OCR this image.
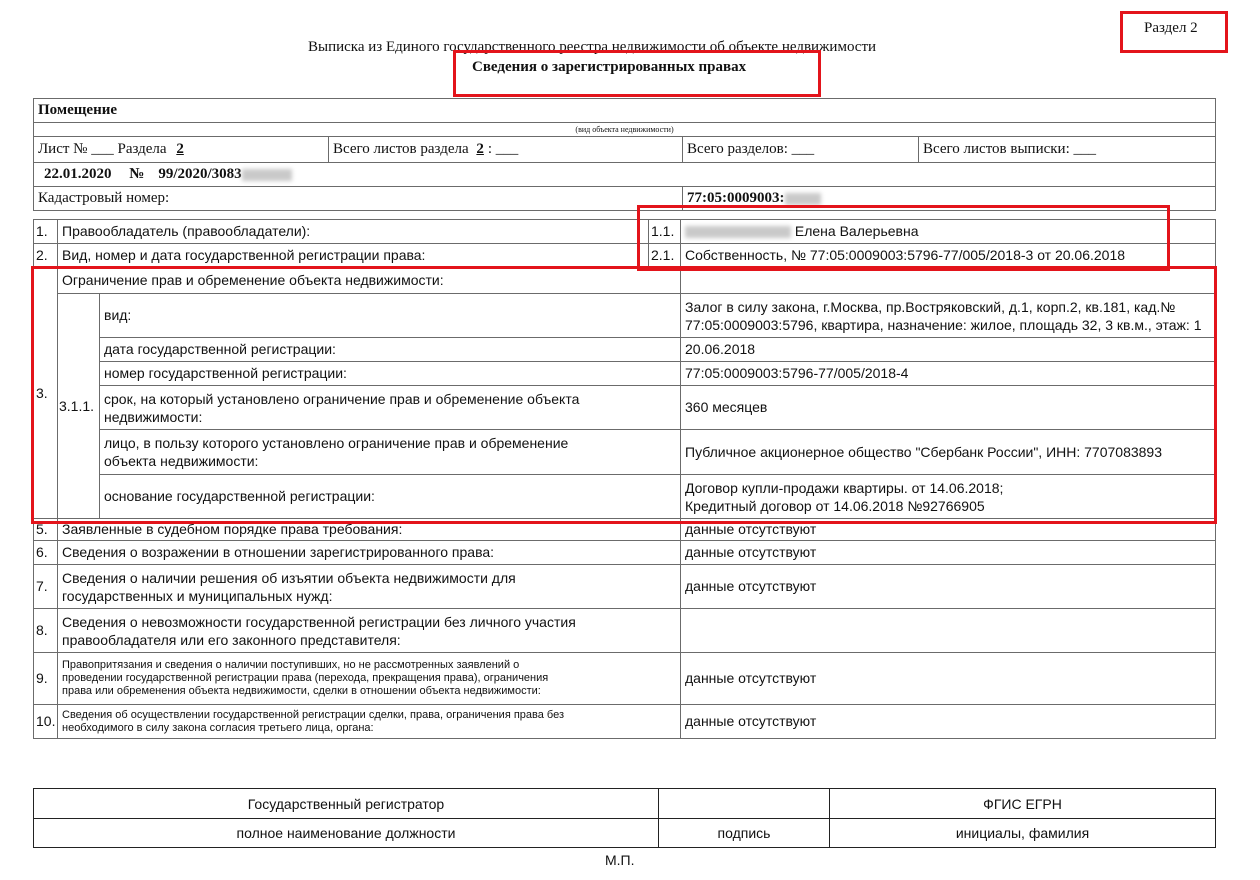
Раздел 2
Выписка из Единого государственного реестра недвижимости об объекте недвижимости
Сведения о зарегистрированных правах
Помещение			
(вид объекта недвижимости)			
Лист № ___ Раздела 2	Всего листов раздела 2 : ___	Всего разделов: ___	Всего листов выписки: ___
22.01.2020 № 99/2020/3083			
Кадастровый номер:		77:05:0009003:	
1.	Правообладатель (правообладатели):		1.1.	Елена Валерьевна
2.	Вид, номер и дата государственной регистрации права:		2.1.	Собственность, № 77:05:0009003:5796-77/005/2018-3 от 20.06.2018
3.	Ограничение прав и обременение объекта недвижимости:			
	3.1.1.	вид:		Залог в силу закона, г.Москва, пр.Востряковский, д.1, корп.2, кв.181, кад.№
77:05:0009003:5796, квартира, назначение: жилое, площадь 32, 3 кв.м., этаж: 1

		дата государственной регистрации:		20.06.2018
		номер государственной регистрации:		77:05:0009003:5796-77/005/2018-4

		срок, на который установлено ограничение прав и обременение объекта
недвижимости:		360 месяцев

		лицо, в пользу которого установлено ограничение прав и обременение
объекта недвижимости:		Публичное акционерное общество "Сбербанк России", ИНН: 7707083893
		основание государственной регистрации:		Договор купли-продажи квартиры. от 14.06.2018;
Кредитный договор от 14.06.2018 №92766905

5.	Заявленные в судебном порядке права требования:			данные отсутствуют
6.	Сведения о возражении в отношении зарегистрированного права:			данные отсутствуют
7.	Сведения о наличии решения об изъятии объекта недвижимости для
государственных и муниципальных нужд:			данные отсутствуют
8.	Сведения о невозможности государственной регистрации без личного участия
правообладателя или его законного представителя:			

9.	Правопритязания и сведения о наличии поступивших, но не рассмотренных заявлений о
проведении государственной регистрации права (перехода, прекращения права), ограничения
права или обременения объекта недвижимости, сделки в отношении объекта недвижимости:			данные отсутствуют
10.	Сведения об осуществлении государственной регистрации сделки, права, ограничения права без
необходимого в силу закона согласия третьего лица, органа:			данные отсутствуют
Государственный регистратор		ФГИС ЕГРН
полное наименование должности	подпись	инициалы, фамилия
М.П.
